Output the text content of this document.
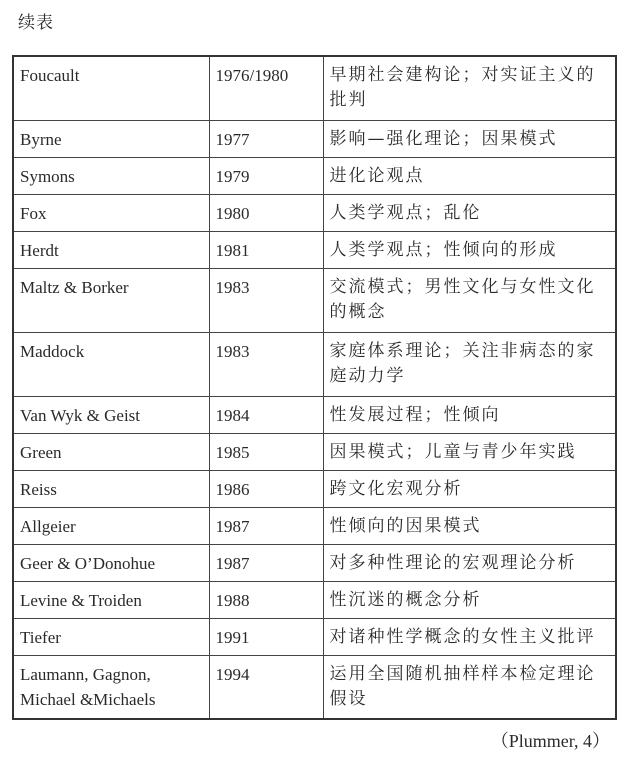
续表
Foucault	1976/1980	早期社会建构论；对实证主义的批判
Byrne	1977	影响—强化理论；因果模式
Symons	1979	进化论观点
Fox	1980	人类学观点；乱伦
Herdt	1981	人类学观点；性倾向的形成
Maltz & Borker	1983	交流模式；男性文化与女性文化的概念
Maddock	1983	家庭体系理论；关注非病态的家庭动力学
Van Wyk & Geist	1984	性发展过程；性倾向
Green	1985	因果模式；儿童与青少年实践
Reiss	1986	跨文化宏观分析
Allgeier	1987	性倾向的因果模式
Geer & O’Donohue	1987	对多种性理论的宏观理论分析
Levine & Troiden	1988	性沉迷的概念分析
Tiefer	1991	对诸种性学概念的女性主义批评
Laumann, Gagnon, Michael &Michaels	1994	运用全国随机抽样样本检定理论假设
（Plummer, 4）
